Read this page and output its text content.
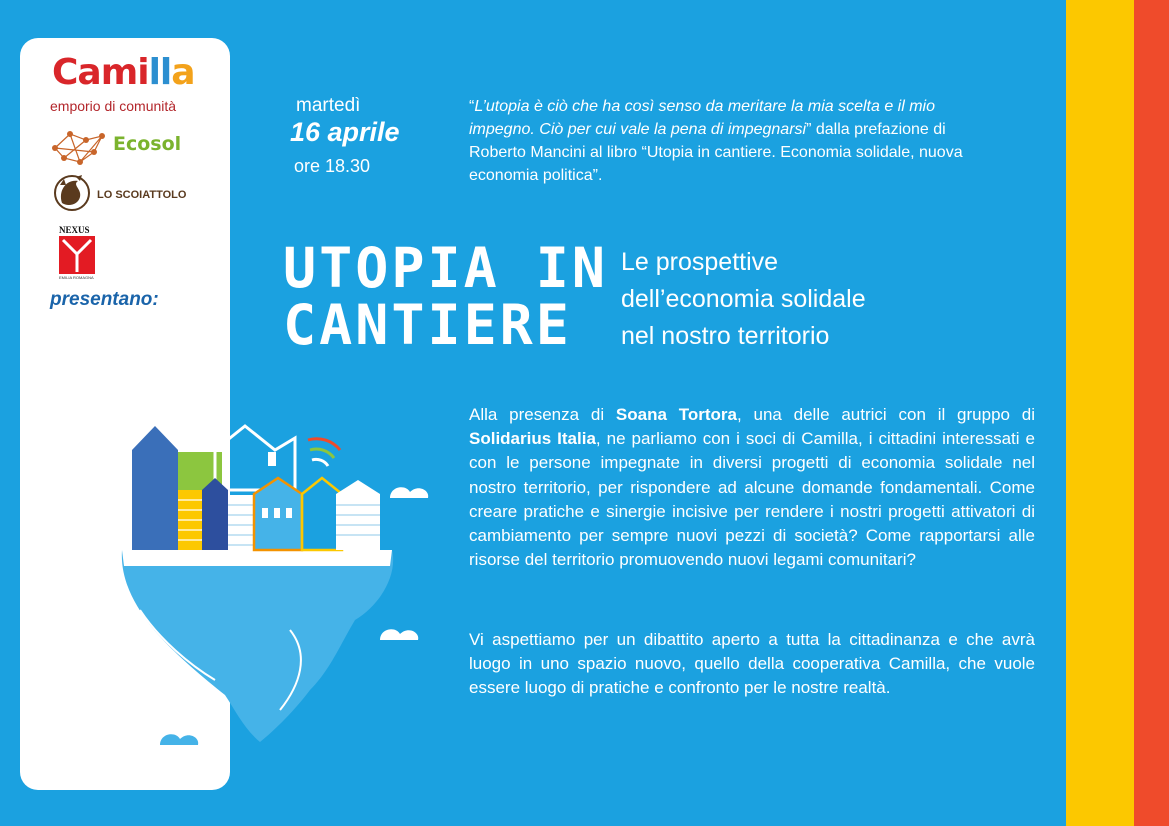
Camilla
emporio di comunità
Ecosol
LO SCOIATTOLO
NEXUS
EMILIA ROMAGNA
presentano:
martedì
16 aprile
ore 18.30
“L’utopia è ciò che ha così senso da meritare la mia scelta e il mio impegno. Ciò per cui vale la pena di impegnarsi” dalla prefazione di Roberto Mancini al libro “Utopia in cantiere. Economia solidale, nuova economia politica”.
UTOPIA IN
CANTIERE
Le prospettive
dell’economia solidale
nel nostro territorio
Alla presenza di Soana Tortora, una delle autrici con il gruppo di Solidarius Italia, ne parliamo con i soci di Camilla, i cittadini interessati e con le persone impegnate in diversi progetti di economia solidale nel nostro territorio, per rispondere ad alcune domande fondamentali. Come creare pratiche e sinergie incisive per rendere i nostri progetti attivatori di cambiamento per sempre nuovi pezzi di società? Come rapportarsi alle risorse del territorio promuovendo nuovi legami comunitari?
Vi aspettiamo per un dibattito aperto a tutta la cittadinanza e che avrà luogo in uno spazio nuovo, quello della cooperativa Camilla, che vuole essere luogo di pratiche e confronto per le nostre realtà.
